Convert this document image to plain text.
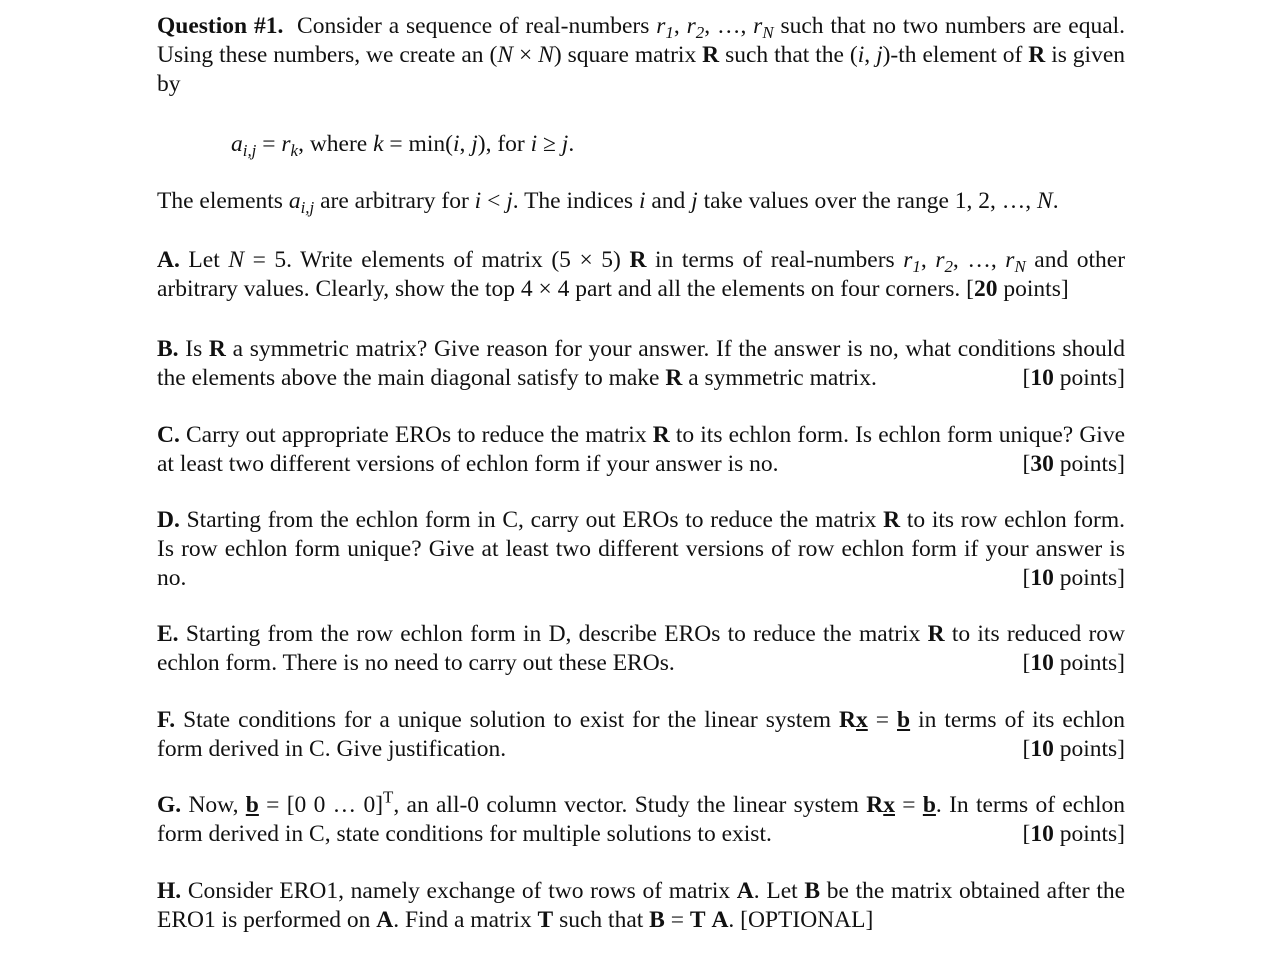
Question #1. Consider a sequence of real-numbers $r_1$, $r_2$, …, $r_N$ such that no two numbers are equal. Using these numbers, we create an (N × N) square matrix R such that the (i, j)-th element of R is given by
$a_{i,j} = r_k$, where k = min(i, j), for i ≥ j.
The elements $a_{i,j}$ are arbitrary for i < j. The indices i and j take values over the range 1, 2, …, N.
A. Let N = 5. Write elements of matrix (5 × 5) R in terms of real-numbers $r_1$, $r_2$, …, $r_N$ and other arbitrary values. Clearly, show the top 4 × 4 part and all the elements on four corners. [20 points]
B. Is R a symmetric matrix? Give reason for your answer. If the answer is no, what conditions should the elements above the main diagonal satisfy to make R a symmetric matrix.	[10 points]
C. Carry out appropriate EROs to reduce the matrix R to its echlon form. Is echlon form unique? Give at least two different versions of echlon form if your answer is no.	[30 points]
D. Starting from the echlon form in C, carry out EROs to reduce the matrix R to its row echlon form. Is row echlon form unique? Give at least two different versions of row echlon form if your answer is no.	[10 points]
E. Starting from the row echlon form in D, describe EROs to reduce the matrix R to its reduced row echlon form. There is no need to carry out these EROs.	[10 points]
F. State conditions for a unique solution to exist for the linear system Rx = b in terms of its echlon form derived in C. Give justification.	[10 points]
G. Now, b = [0 0 … 0]$^T$, an all-0 column vector. Study the linear system Rx = b. In terms of echlon form derived in C, state conditions for multiple solutions to exist.	[10 points]
H. Consider ERO1, namely exchange of two rows of matrix A. Let B be the matrix obtained after the ERO1 is performed on A. Find a matrix T such that B = T A. [OPTIONAL]
